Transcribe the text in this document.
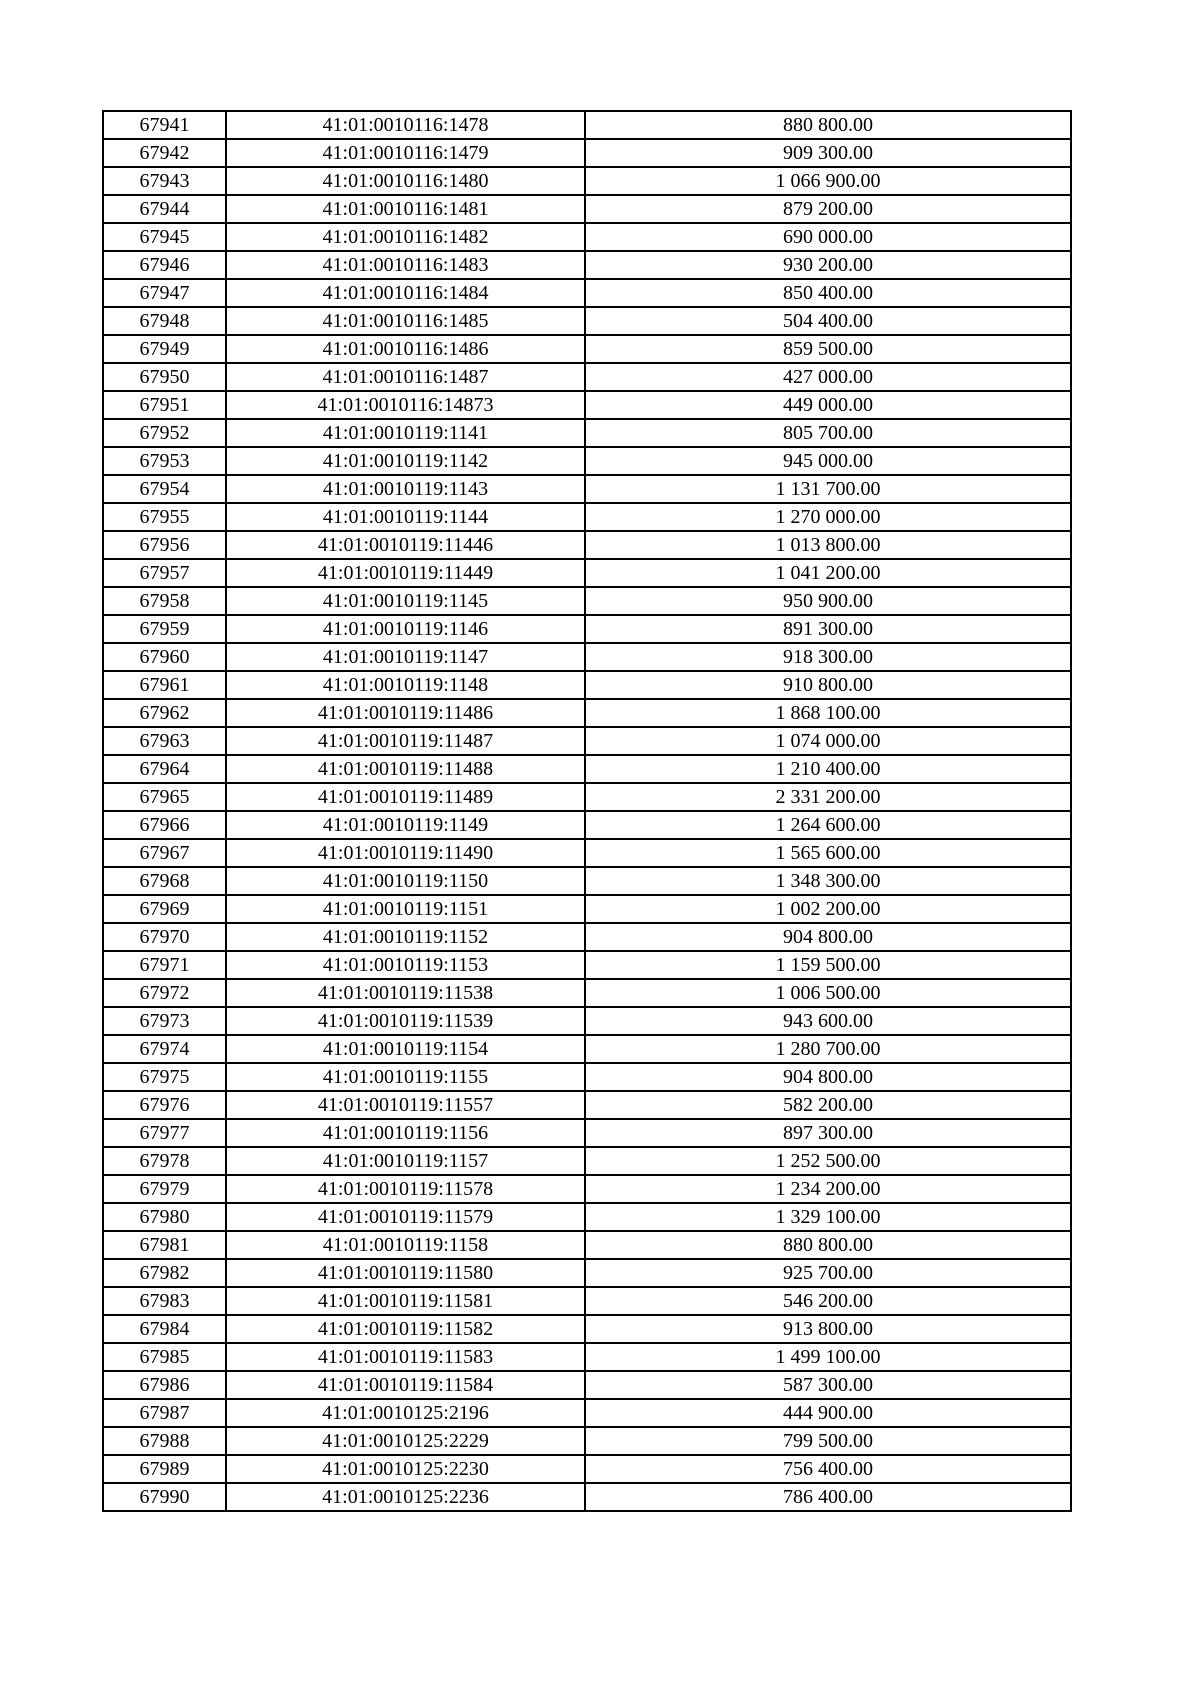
67941	41:01:0010116:1478	880 800.00
67942	41:01:0010116:1479	909 300.00
67943	41:01:0010116:1480	1 066 900.00
67944	41:01:0010116:1481	879 200.00
67945	41:01:0010116:1482	690 000.00
67946	41:01:0010116:1483	930 200.00
67947	41:01:0010116:1484	850 400.00
67948	41:01:0010116:1485	504 400.00
67949	41:01:0010116:1486	859 500.00
67950	41:01:0010116:1487	427 000.00
67951	41:01:0010116:14873	449 000.00
67952	41:01:0010119:1141	805 700.00
67953	41:01:0010119:1142	945 000.00
67954	41:01:0010119:1143	1 131 700.00
67955	41:01:0010119:1144	1 270 000.00
67956	41:01:0010119:11446	1 013 800.00
67957	41:01:0010119:11449	1 041 200.00
67958	41:01:0010119:1145	950 900.00
67959	41:01:0010119:1146	891 300.00
67960	41:01:0010119:1147	918 300.00
67961	41:01:0010119:1148	910 800.00
67962	41:01:0010119:11486	1 868 100.00
67963	41:01:0010119:11487	1 074 000.00
67964	41:01:0010119:11488	1 210 400.00
67965	41:01:0010119:11489	2 331 200.00
67966	41:01:0010119:1149	1 264 600.00
67967	41:01:0010119:11490	1 565 600.00
67968	41:01:0010119:1150	1 348 300.00
67969	41:01:0010119:1151	1 002 200.00
67970	41:01:0010119:1152	904 800.00
67971	41:01:0010119:1153	1 159 500.00
67972	41:01:0010119:11538	1 006 500.00
67973	41:01:0010119:11539	943 600.00
67974	41:01:0010119:1154	1 280 700.00
67975	41:01:0010119:1155	904 800.00
67976	41:01:0010119:11557	582 200.00
67977	41:01:0010119:1156	897 300.00
67978	41:01:0010119:1157	1 252 500.00
67979	41:01:0010119:11578	1 234 200.00
67980	41:01:0010119:11579	1 329 100.00
67981	41:01:0010119:1158	880 800.00
67982	41:01:0010119:11580	925 700.00
67983	41:01:0010119:11581	546 200.00
67984	41:01:0010119:11582	913 800.00
67985	41:01:0010119:11583	1 499 100.00
67986	41:01:0010119:11584	587 300.00
67987	41:01:0010125:2196	444 900.00
67988	41:01:0010125:2229	799 500.00
67989	41:01:0010125:2230	756 400.00
67990	41:01:0010125:2236	786 400.00
